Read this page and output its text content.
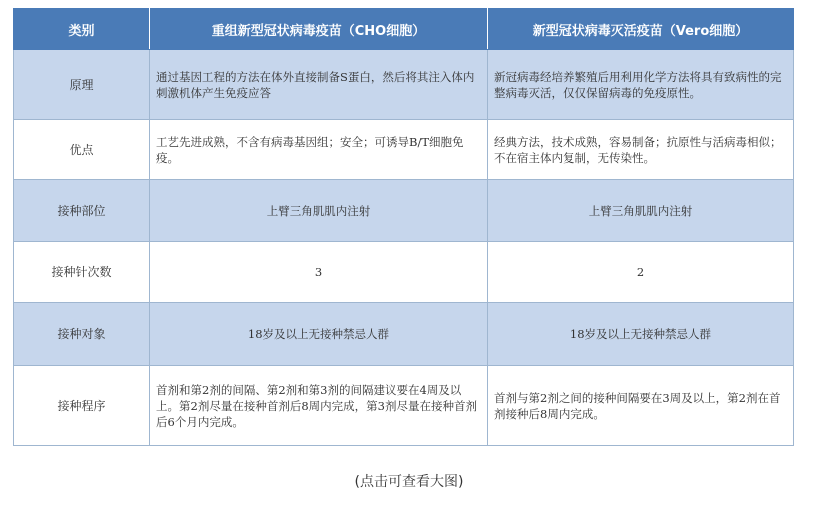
类别	重组新型冠状病毒疫苗（CHO细胞）	新型冠状病毒灭活疫苗（Vero细胞）
原理	通过基因工程的方法在体外直接制备S蛋白，然后将其注入体内刺激机体产生免疫应答	新冠病毒经培养繁殖后用利用化学方法将具有致病性的完整病毒灭活，仅仅保留病毒的免疫原性。
优点	工艺先进成熟，不含有病毒基因组；安全；可诱导B/T细胞免疫。	经典方法，技术成熟，容易制备；抗原性与活病毒相似；不在宿主体内复制，无传染性。
接种部位	上臂三角肌肌内注射	上臂三角肌肌内注射
接种针次数	3	2
接种对象	18岁及以上无接种禁忌人群	18岁及以上无接种禁忌人群
接种程序	首剂和第2剂的间隔、第2剂和第3剂的间隔建议要在4周及以上。第2剂尽量在接种首剂后8周内完成，第3剂尽量在接种首剂后6个月内完成。	首剂与第2剂之间的接种间隔要在3周及以上，第2剂在首剂接种后8周内完成。
(点击可查看大图)
